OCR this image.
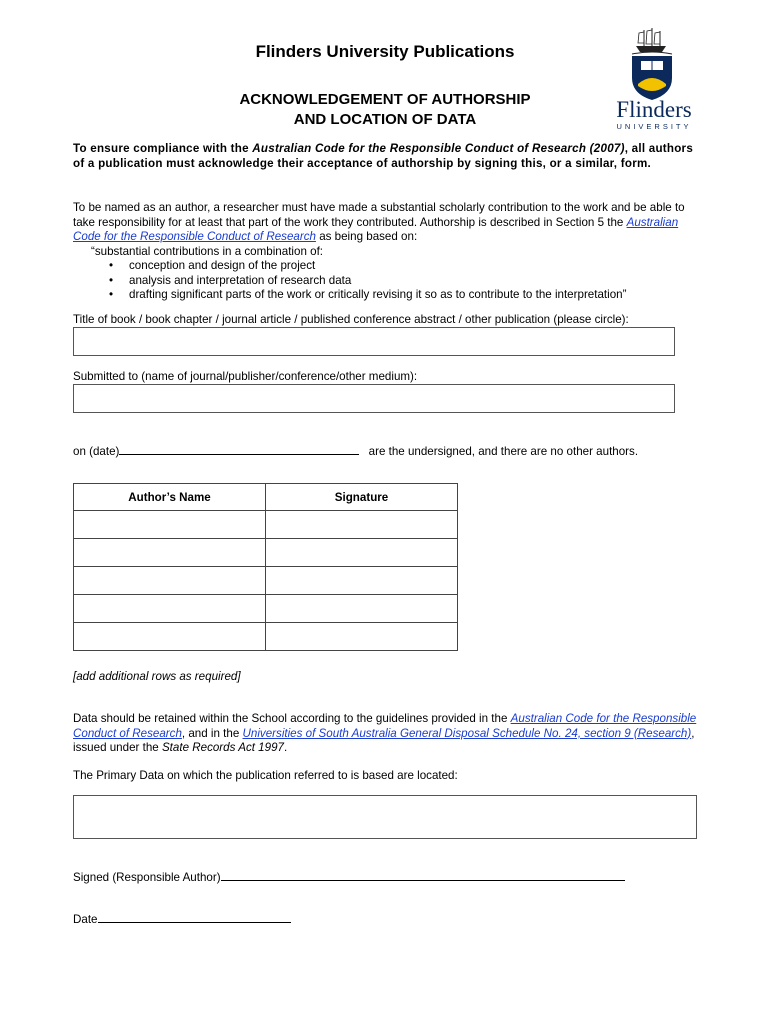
Flinders University Publications
ACKNOWLEDGEMENT OF AUTHORSHIP
AND LOCATION OF DATA	Flinders
UNIVERSITY
To ensure compliance with the Australian Code for the Responsible Conduct of Research (2007), all authors of a publication must acknowledge their acceptance of authorship by signing this, or a similar, form.
To be named as an author, a researcher must have made a substantial scholarly contribution to the work and be able to take responsibility for at least that part of the work they contributed. Authorship is described in Section 5 the Australian Code for the Responsible Conduct of Research as being based on:
“substantial contributions in a combination of:
• conception and design of the project
• analysis and interpretation of research data
• drafting significant parts of the work or critically revising it so as to contribute to the interpretation”
Title of book / book chapter / journal article / published conference abstract / other publication (please circle):
Submitted to (name of journal/publisher/conference/other medium):
on (date)	are the undersigned, and there are no other authors.
Author’s Name	Signature

[add additional rows as required]
Data should be retained within the School according to the guidelines provided in the Australian Code for the Responsible Conduct of Research, and in the Universities of South Australia General Disposal Schedule No. 24, section 9 (Research), issued under the State Records Act 1997.
The Primary Data on which the publication referred to is based are located:
Signed (Responsible Author)
Date
